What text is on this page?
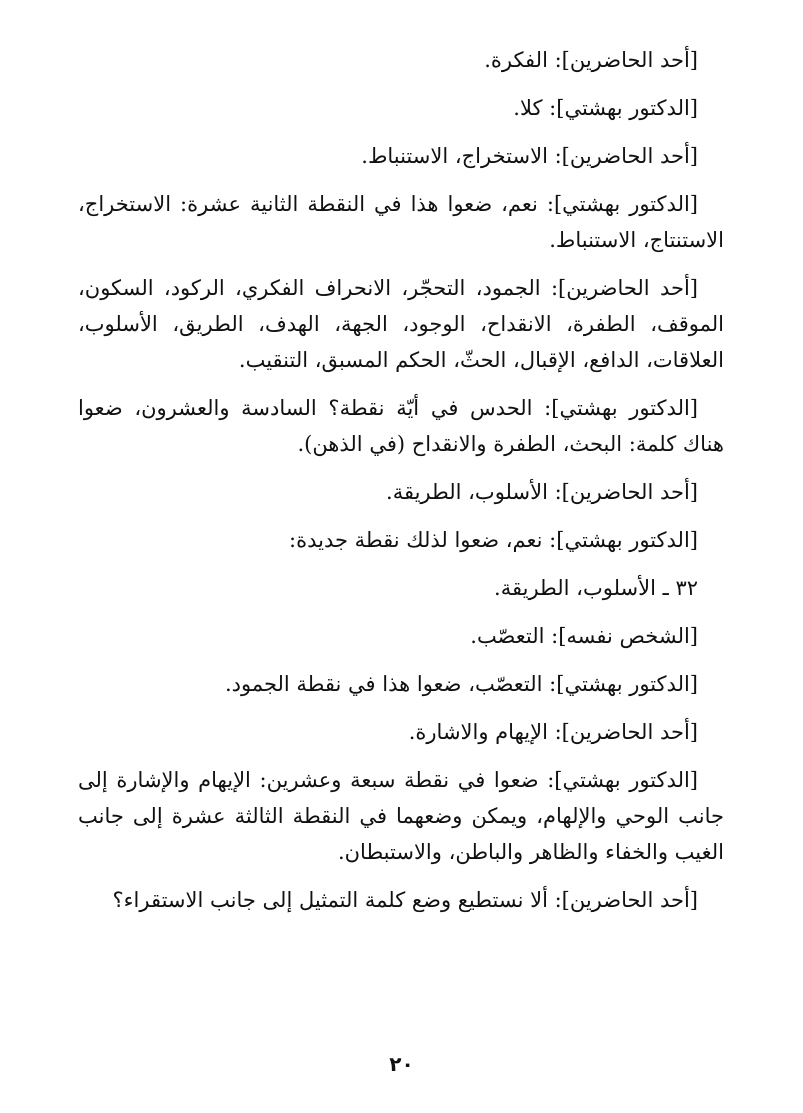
[أحد الحاضرين]: الفكرة.

[الدكتور بهشتي]: كلا.

[أحد الحاضرين]: الاستخراج، الاستنباط.

[الدكتور بهشتي]: نعم، ضعوا هذا في النقطة الثانية عشرة: الاستخراج، الاستنتاج، الاستنباط.

[أحد الحاضرين]: الجمود، التحجّر، الانحراف الفكري، الركود، السكون، الموقف، الطفرة، الانقداح، الوجود، الجهة، الهدف، الطريق، الأسلوب، العلاقات، الدافع، الإقبال، الحثّ، الحكم المسبق، التنقيب.

[الدكتور بهشتي]: الحدس في أيّة نقطة؟ السادسة والعشرون، ضعوا هناك كلمة: البحث، الطفرة والانقداح (في الذهن).

[أحد الحاضرين]: الأسلوب، الطريقة.

[الدكتور بهشتي]: نعم، ضعوا لذلك نقطة جديدة:

٣٢ ـ الأسلوب، الطريقة.

[الشخص نفسه]: التعصّب.

[الدكتور بهشتي]: التعصّب، ضعوا هذا في نقطة الجمود.

[أحد الحاضرين]: الإيهام والاشارة.

[الدكتور بهشتي]: ضعوا في نقطة سبعة وعشرين: الإيهام والإشارة إلى جانب الوحي والإلهام، ويمكن وضعهما في النقطة الثالثة عشرة إلى جانب الغيب والخفاء والظاهر والباطن، والاستبطان.

[أحد الحاضرين]: ألا نستطيع وضع كلمة التمثيل إلى جانب الاستقراء؟

٢٠
